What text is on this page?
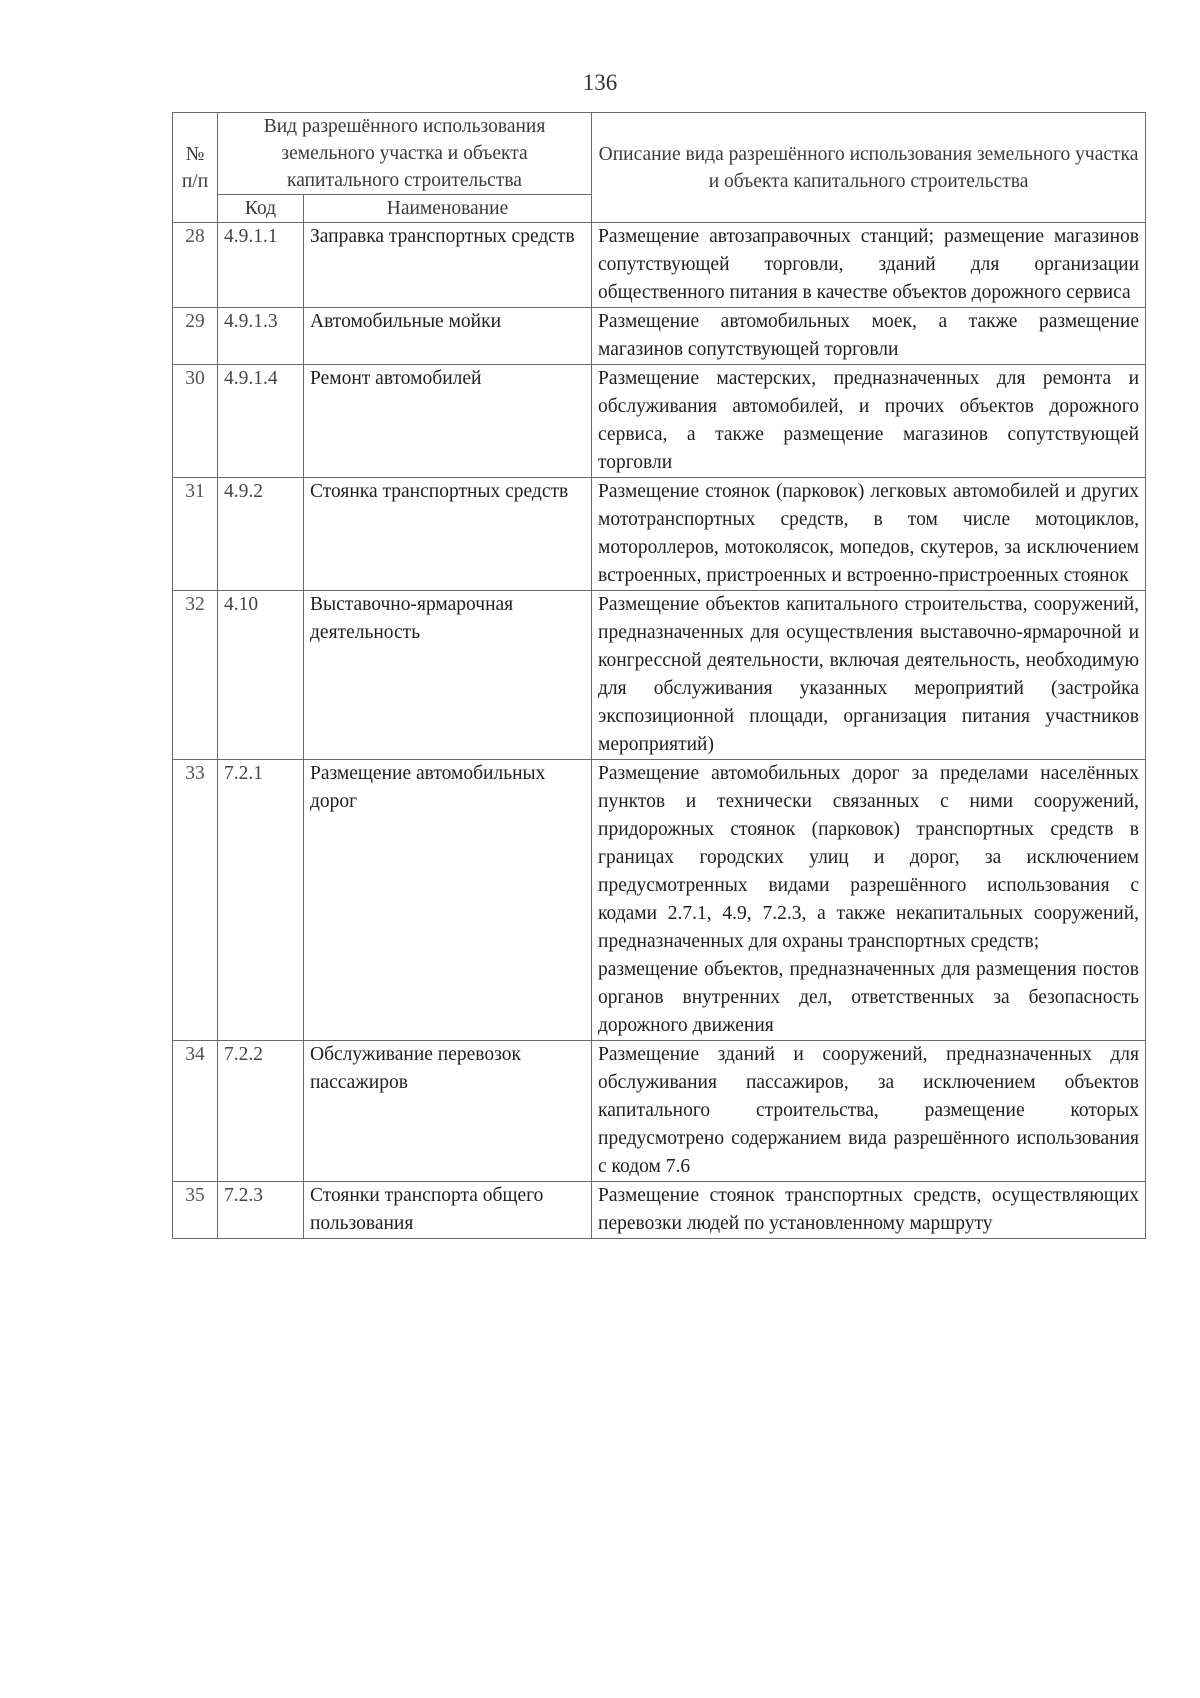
136
№ п/п	Вид разрешённого использования земельного участка и объекта капитального строительства		Описание вида разрешённого использования земельного участка и объекта капитального строительства
	Код	Наименование	
28	4.9.1.1	Заправка транспортных средств	Размещение автозаправочных станций; размещение магазинов сопутствующей торговли, зданий для организации общественного питания в качестве объектов дорожного сервиса

29	4.9.1.3	Автомобильные мойки	Размещение автомобильных моек, а также размещение магазинов сопутствующей торговли

30	4.9.1.4	Ремонт автомобилей	Размещение мастерских, предназначенных для ремонта и обслуживания автомобилей, и прочих объектов дорожного сервиса, а также размещение магазинов сопутствующей торговли

31	4.9.2	Стоянка транспортных средств	Размещение стоянок (парковок) легковых автомобилей и других мототранспортных средств, в том числе мотоциклов, мотороллеров, мотоколясок, мопедов, скутеров, за исключением встроенных, пристроенных и встроенно-пристроенных стоянок

32	4.10	Выставочно-ярмарочная деятельность	Размещение объектов капитального строительства, сооружений, предназначенных для осуществления выставочно-ярмарочной и конгрессной деятельности, включая деятельность, необходимую для обслуживания указанных мероприятий (застройка экспозиционной площади, организация питания участников мероприятий)

33	7.2.1	Размещение автомобильных дорог	Размещение автомобильных дорог за пределами населённых пунктов и технически связанных с ними сооружений, придорожных стоянок (парковок) транспортных средств в границах городских улиц и дорог, за исключением предусмотренных видами разрешённого использования с кодами 2.7.1, 4.9, 7.2.3, а также некапитальных сооружений, предназначенных для охраны транспортных средств;
размещение объектов, предназначенных для размещения постов органов внутренних дел, ответственных за безопасность дорожного движения

34	7.2.2	Обслуживание перевозок пассажиров	Размещение зданий и сооружений, предназначенных для обслуживания пассажиров, за исключением объектов капитального строительства, размещение которых предусмотрено содержанием вида разрешённого использования с кодом 7.6

35	7.2.3	Стоянки транспорта общего пользования	Размещение стоянок транспортных средств, осуществляющих перевозки людей по установленному маршруту
